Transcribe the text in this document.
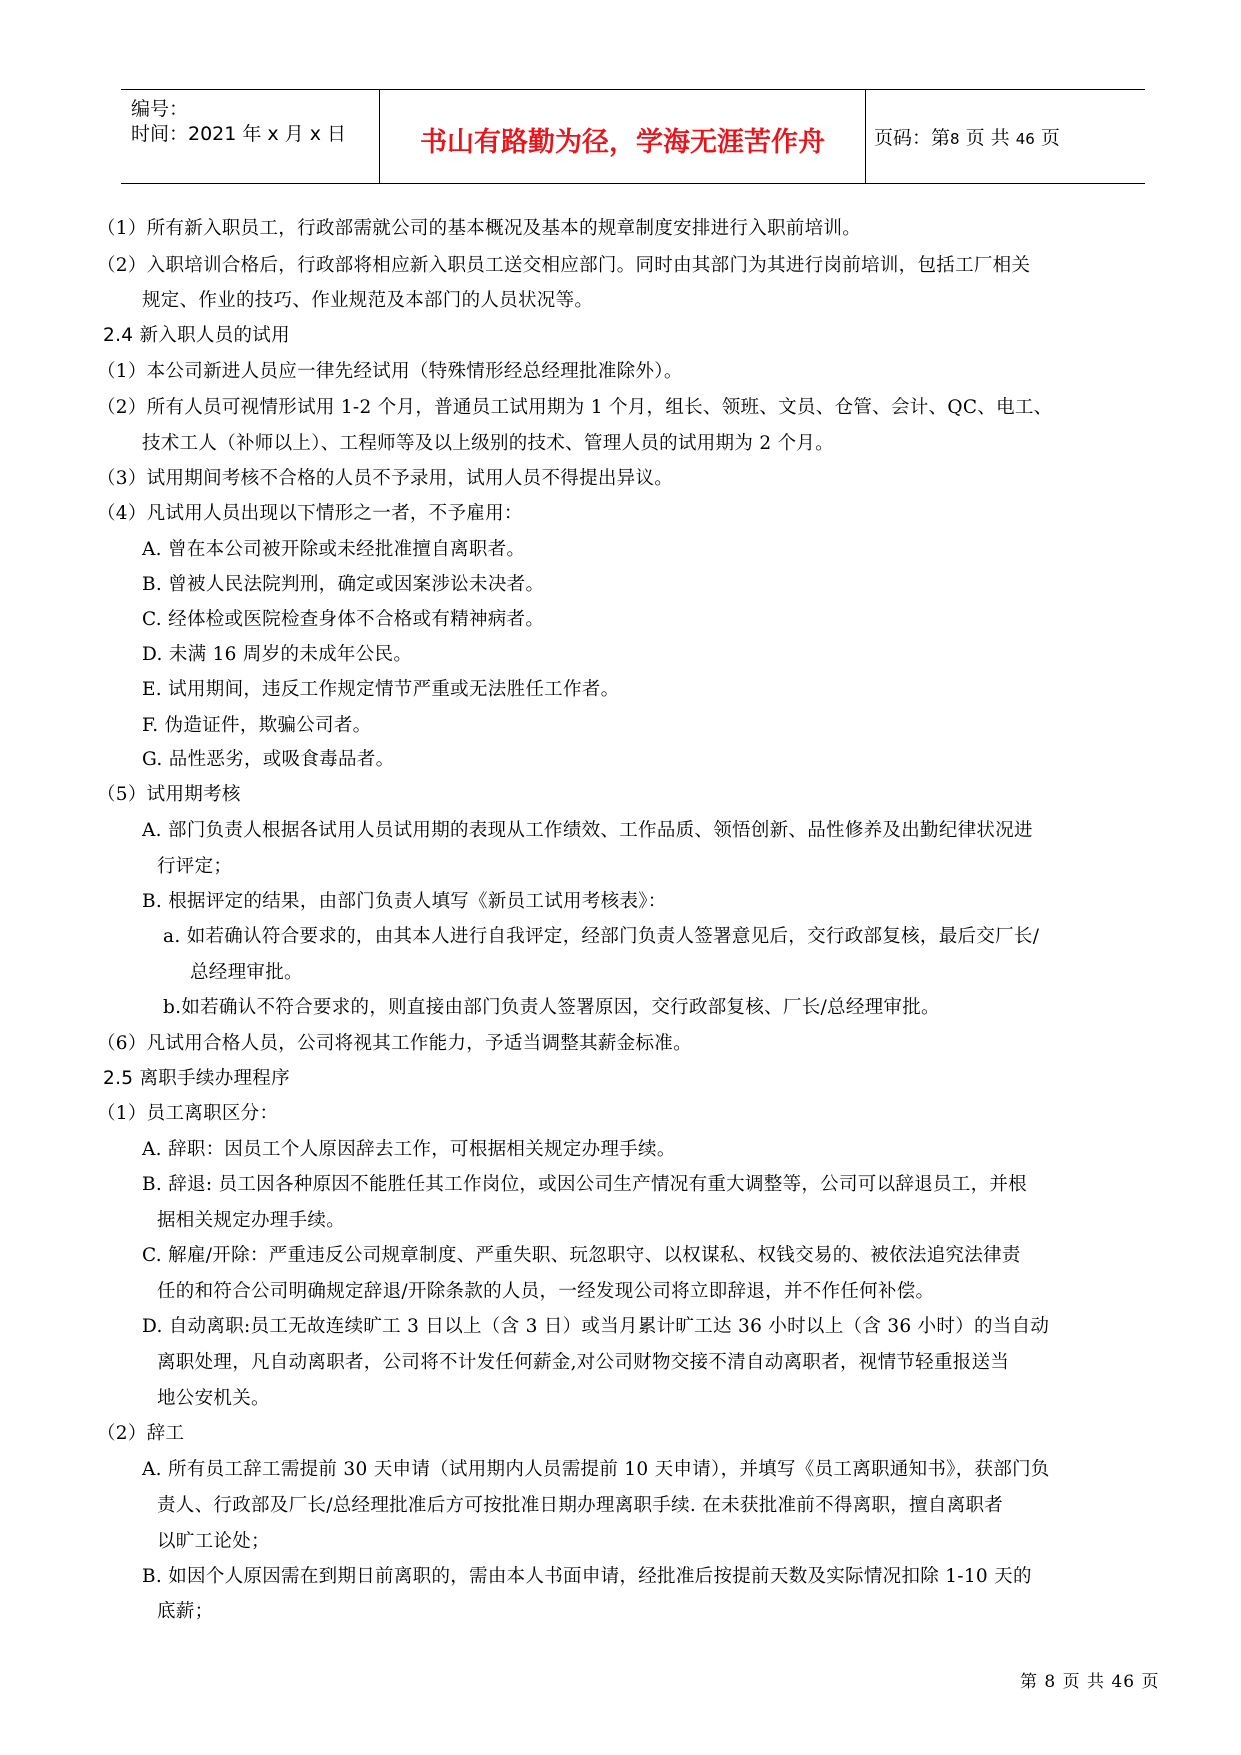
编号：
时间：2021 年 x 月 x 日	书山有路勤为径，学海无涯苦作舟	页码：第8 页 共 46 页
（1）所有新入职员工，行政部需就公司的基本概况及基本的规章制度安排进行入职前培训。
（2）入职培训合格后，行政部将相应新入职员工送交相应部门。同时由其部门为其进行岗前培训，包括工厂相关
规定、作业的技巧、作业规范及本部门的人员状况等。
2.4 新入职人员的试用
（1）本公司新进人员应一律先经试用（特殊情形经总经理批准除外）。
（2）所有人员可视情形试用 1-2 个月，普通员工试用期为 1 个月，组长、领班、文员、仓管、会计、QC、电工、
技术工人（补师以上）、工程师等及以上级别的技术、管理人员的试用期为 2 个月。
（3）试用期间考核不合格的人员不予录用，试用人员不得提出异议。
（4）凡试用人员出现以下情形之一者，不予雇用：
A. 曾在本公司被开除或未经批准擅自离职者。
B. 曾被人民法院判刑，确定或因案涉讼未决者。
C. 经体检或医院检查身体不合格或有精神病者。
D. 未满 16 周岁的未成年公民。
E. 试用期间，违反工作规定情节严重或无法胜任工作者。
F. 伪造证件，欺骗公司者。
G. 品性恶劣，或吸食毒品者。
（5）试用期考核
A. 部门负责人根据各试用人员试用期的表现从工作绩效、工作品质、领悟创新、品性修养及出勤纪律状况进
行评定；
B. 根据评定的结果，由部门负责人填写《新员工试用考核表》：
a. 如若确认符合要求的，由其本人进行自我评定，经部门负责人签署意见后，交行政部复核，最后交厂长/
总经理审批。
b.如若确认不符合要求的，则直接由部门负责人签署原因，交行政部复核、厂长/总经理审批。
（6）凡试用合格人员，公司将视其工作能力，予适当调整其薪金标准。
2.5 离职手续办理程序
（1）员工离职区分：
A. 辞职：因员工个人原因辞去工作，可根据相关规定办理手续。
B. 辞退: 员工因各种原因不能胜任其工作岗位，或因公司生产情况有重大调整等，公司可以辞退员工，并根
据相关规定办理手续。
C. 解雇/开除：严重违反公司规章制度、严重失职、玩忽职守、以权谋私、权钱交易的、被依法追究法律责
任的和符合公司明确规定辞退/开除条款的人员，一经发现公司将立即辞退，并不作任何补偿。
D. 自动离职:员工无故连续旷工 3 日以上（含 3 日）或当月累计旷工达 36 小时以上（含 36 小时）的当自动
离职处理，凡自动离职者，公司将不计发任何薪金,对公司财物交接不清自动离职者，视情节轻重报送当
地公安机关。
（2）辞工
A. 所有员工辞工需提前 30 天申请（试用期内人员需提前 10 天申请），并填写《员工离职通知书》，获部门负
责人、行政部及厂长/总经理批准后方可按批准日期办理离职手续. 在未获批准前不得离职，擅自离职者
以旷工论处；
B. 如因个人原因需在到期日前离职的，需由本人书面申请，经批准后按提前天数及实际情况扣除 1-10 天的
底薪；
第 8 页 共 46 页
